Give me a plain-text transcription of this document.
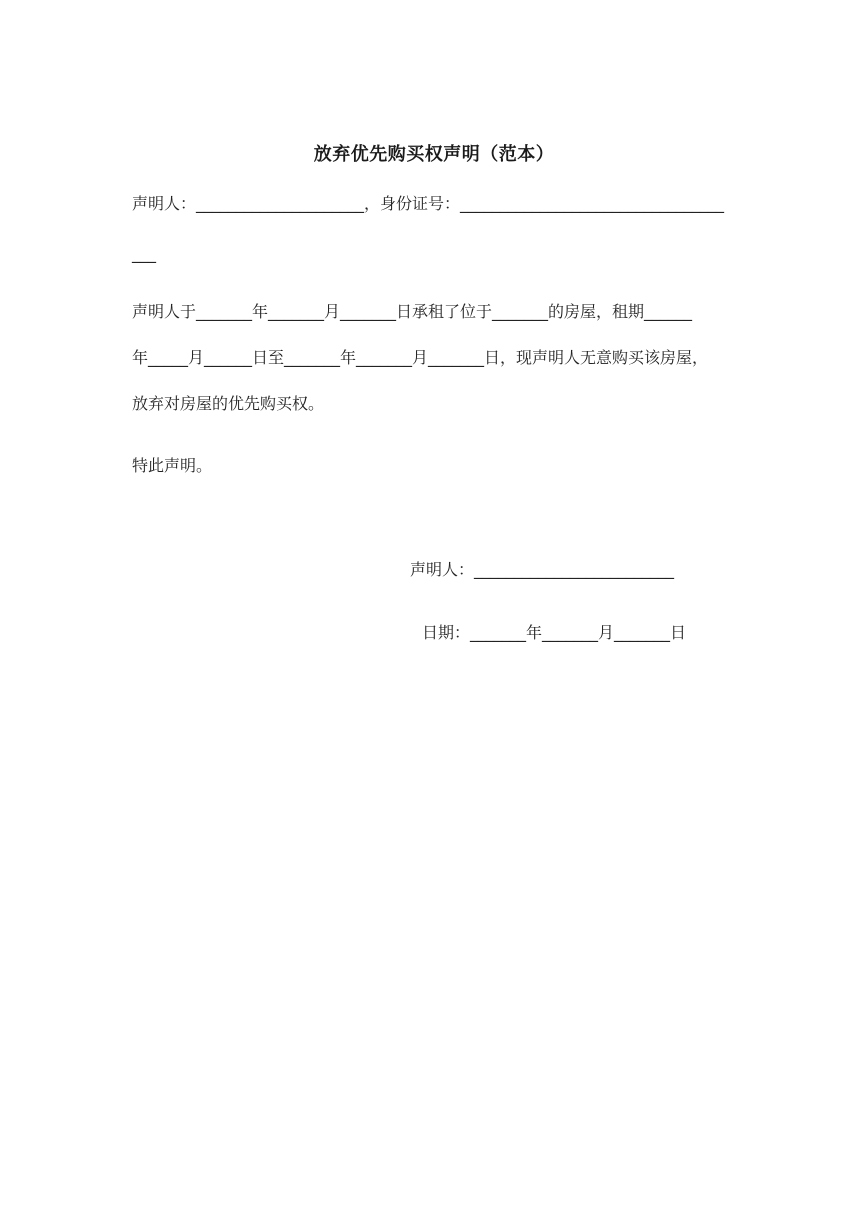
放弃优先购买权声明（范本）
声明人：_____________________，身份证号：_________________________________
___
声明人于_______年_______月_______日承租了位于_______的房屋，租期______
年_____月______日至_______年_______月_______日，现声明人无意购买该房屋，
放弃对房屋的优先购买权。
特此声明。
声明人：_________________________
日期：_______年_______月_______日
